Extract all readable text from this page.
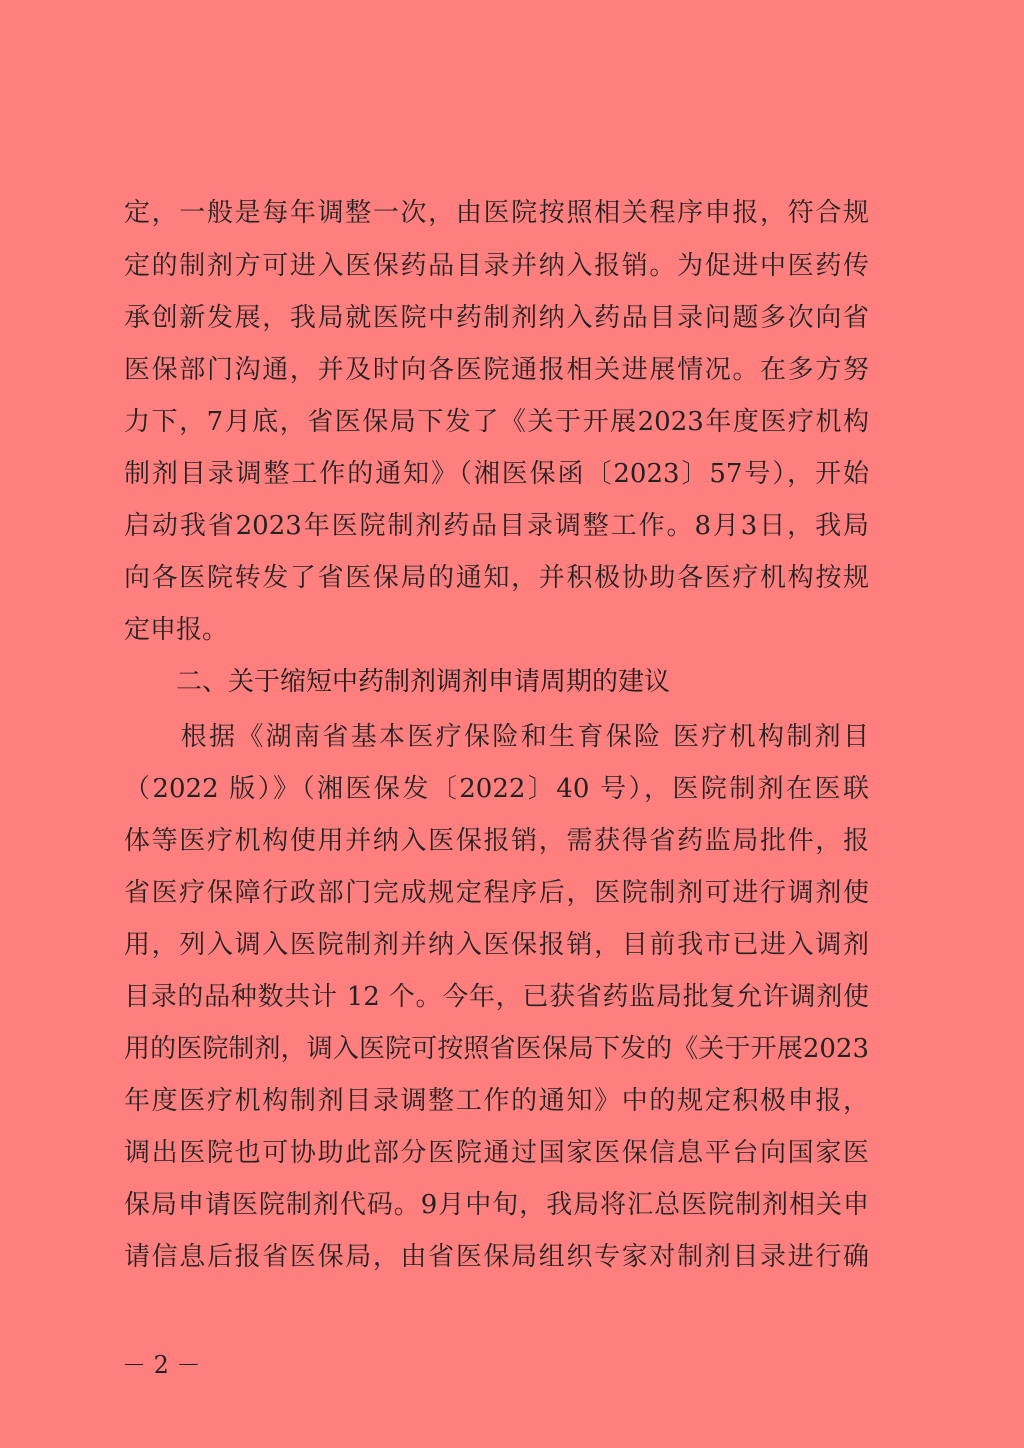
定，一般是每年调整一次，由医院按照相关程序申报，符合规
定的制剂方可进入医保药品目录并纳入报销。为促进中医药传
承创新发展，我局就医院中药制剂纳入药品目录问题多次向省
医保部门沟通，并及时向各医院通报相关进展情况。在多方努
力下，7月底，省医保局下发了《关于开展2023年度医疗机构
制剂目录调整工作的通知》（湘医保函〔2023〕57号），开始
启动我省2023年医院制剂药品目录调整工作。8月3日，我局
向各医院转发了省医保局的通知，并积极协助各医疗机构按规
定申报。
二、关于缩短中药制剂调剂申请周期的建议
　　根据《湖南省基本医疗保险和生育保险 医疗机构制剂目
（2022 版）》（湘医保发〔2022〕40 号），医院制剂在医联
体等医疗机构使用并纳入医保报销，需获得省药监局批件，报
省医疗保障行政部门完成规定程序后，医院制剂可进行调剂使
用，列入调入医院制剂并纳入医保报销，目前我市已进入调剂
目录的品种数共计 12 个。今年，已获省药监局批复允许调剂使
用的医院制剂，调入医院可按照省医保局下发的《关于开展2023
年度医疗机构制剂目录调整工作的通知》中的规定积极申报，
调出医院也可协助此部分医院通过国家医保信息平台向国家医
保局申请医院制剂代码。9月中旬，我局将汇总医院制剂相关申
请信息后报省医保局，由省医保局组织专家对制剂目录进行确
－ 2 －
